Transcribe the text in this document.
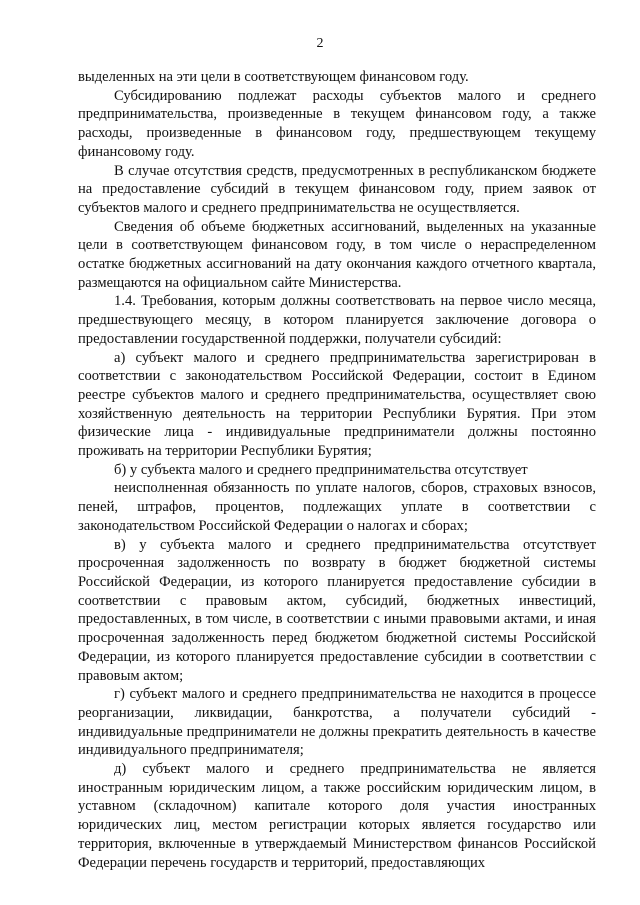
2

выделенных на эти цели в соответствующем финансовом году.

Субсидированию подлежат расходы субъектов малого и среднего предпринимательства, произведенные в текущем финансовом году, а также расходы, произведенные в финансовом году, предшествующем текущему финансовому году.

В случае отсутствия средств, предусмотренных в республиканском бюджете на предоставление субсидий в текущем финансовом году, прием заявок от субъектов малого и среднего предпринимательства не осуществляется.

Сведения об объеме бюджетных ассигнований, выделенных на указанные цели в соответствующем финансовом году, в том числе о нераспределенном остатке бюджетных ассигнований на дату окончания каждого отчетного квартала, размещаются на официальном сайте Министерства.

1.4. Требования, которым должны соответствовать на первое число месяца, предшествующего месяцу, в котором планируется заключение договора о предоставлении государственной поддержки, получатели субсидий:

а) субъект малого и среднего предпринимательства зарегистрирован в соответствии с законодательством Российской Федерации, состоит в Едином реестре субъектов малого и среднего предпринимательства, осуществляет свою хозяйственную деятельность на территории Республики Бурятия. При этом физические лица - индивидуальные предприниматели должны постоянно проживать на территории Республики Бурятия;

б) у субъекта малого и среднего предпринимательства отсутствует

неисполненная обязанность по уплате налогов, сборов, страховых взносов, пеней, штрафов, процентов, подлежащих уплате в соответствии с законодательством Российской Федерации о налогах и сборах;

в) у субъекта малого и среднего предпринимательства отсутствует просроченная задолженность по возврату в бюджет бюджетной системы Российской Федерации, из которого планируется предоставление субсидии в соответствии с правовым актом, субсидий, бюджетных инвестиций, предоставленных, в том числе, в соответствии с иными правовыми актами, и иная просроченная задолженность перед бюджетом бюджетной системы Российской Федерации, из которого планируется предоставление субсидии в соответствии с правовым актом;

г) субъект малого и среднего предпринимательства не находится в процессе реорганизации, ликвидации, банкротства, а получатели субсидий - индивидуальные предприниматели не должны прекратить деятельность в качестве индивидуального предпринимателя;

д) субъект малого и среднего предпринимательства не является иностранным юридическим лицом, а также российским юридическим лицом, в уставном (складочном) капитале которого доля участия иностранных юридических лиц, местом регистрации которых является государство или территория, включенные в утверждаемый Министерством финансов Российской Федерации перечень государств и территорий, предоставляющих
